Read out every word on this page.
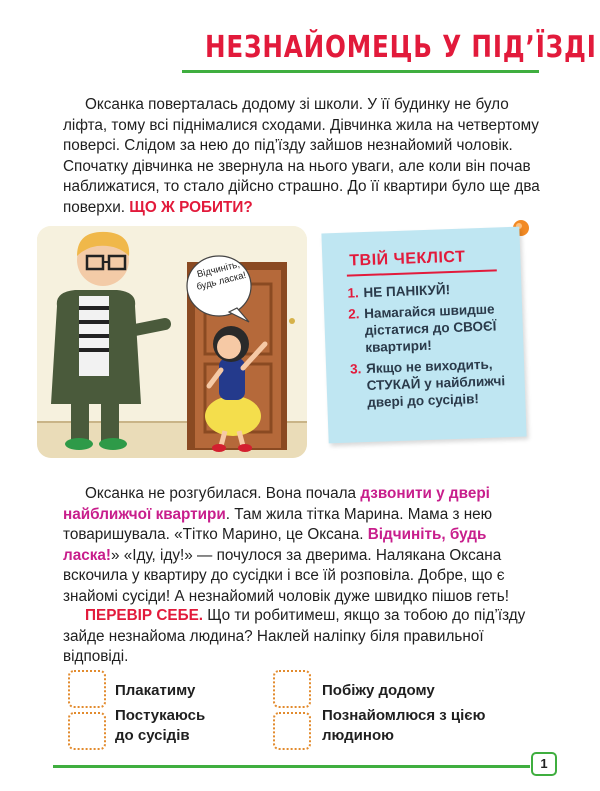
НЕЗНАЙОМЕЦЬ У ПІД’ЇЗДІ
Оксанка поверталась додому зі школи. У її будинку не було ліфта, тому всі піднімалися сходами. Дівчинка жила на четвертому поверсі. Слідом за нею до під’їзду зайшов незнайомий чоловік. Спочатку дівчинка не звернула на нього уваги, але коли він почав наближатися, то стало дійсно страшно. До її квартири було ще два поверхи. ЩО Ж РОБИТИ?
Відчиніть, будь ласка!
ТВІЙ ЧЕКЛІСТ
1. НЕ ПАНІКУЙ!
2. Намагайся швидше дістатися до СВОЄЇ квартири!
3. Якщо не виходить, СТУКАЙ у найближчі двері до сусідів!
Оксанка не розгубилася. Вона почала дзвонити у двері найближчої квартири. Там жила тітка Марина. Мама з нею товаришувала. «Тітко Марино, це Оксана. Відчиніть, будь ласка!» «Іду, іду!» — почулося за дверима. Налякана Оксана вскочила у квартиру до сусідки і все їй розповіла. Добре, що є знайомі сусіди! А незнайомий чоловік дуже швидко пішов геть!
ПЕРЕВІР СЕБЕ. Що ти робитимеш, якщо за тобою до під’їзду зайде незнайома людина? Наклей наліпку біля правильної відповіді.
Плакатиму	Побіжу додому
Постукаюсь
до сусідів
Познайомлюся з цією
людиною
1
